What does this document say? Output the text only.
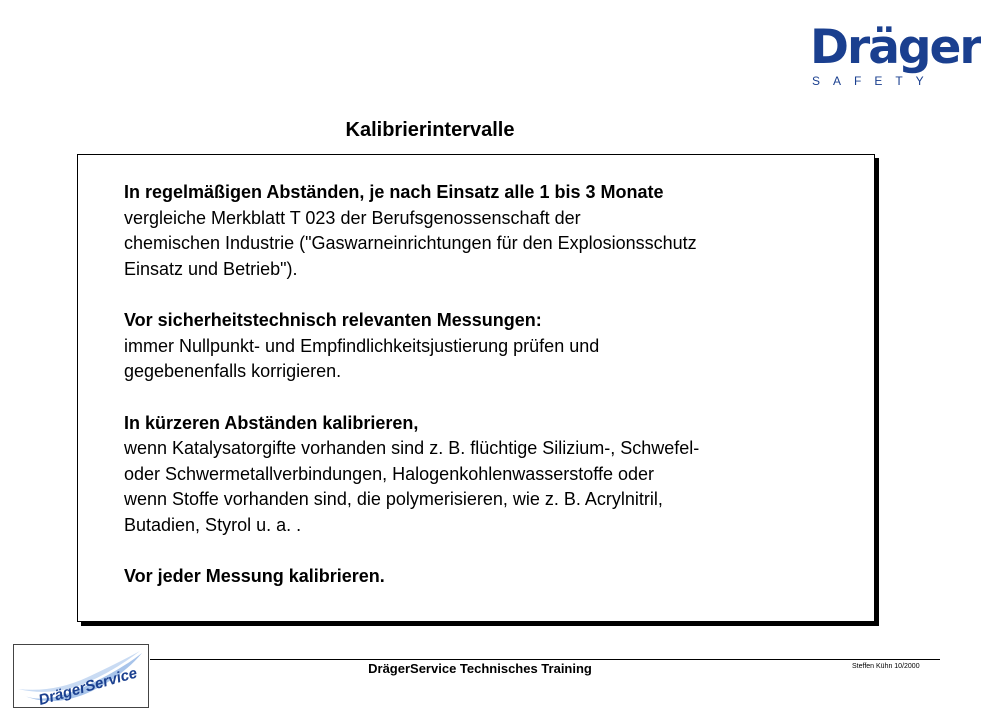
Dräger
SAFETY
Kalibrierintervalle
In regelmäßigen Abständen, je nach Einsatz alle 1 bis 3 Monate
vergleiche Merkblatt T 023 der Berufsgenossenschaft der
chemischen Industrie ("Gaswarneinrichtungen für den Explosionsschutz
Einsatz und Betrieb").
Vor sicherheitstechnisch relevanten Messungen:
immer Nullpunkt- und Empfindlichkeitsjustierung prüfen und
gegebenenfalls korrigieren.
In kürzeren Abständen kalibrieren,
wenn Katalysatorgifte vorhanden sind z. B. flüchtige Silizium-, Schwefel-
oder Schwermetallverbindungen, Halogenkohlenwasserstoffe oder
wenn Stoffe vorhanden sind, die polymerisieren, wie z. B. Acrylnitril,
Butadien, Styrol u. a. .
Vor jeder Messung kalibrieren.
DrägerService	DrägerService Technisches Training	Steffen Kühn 10/2000
